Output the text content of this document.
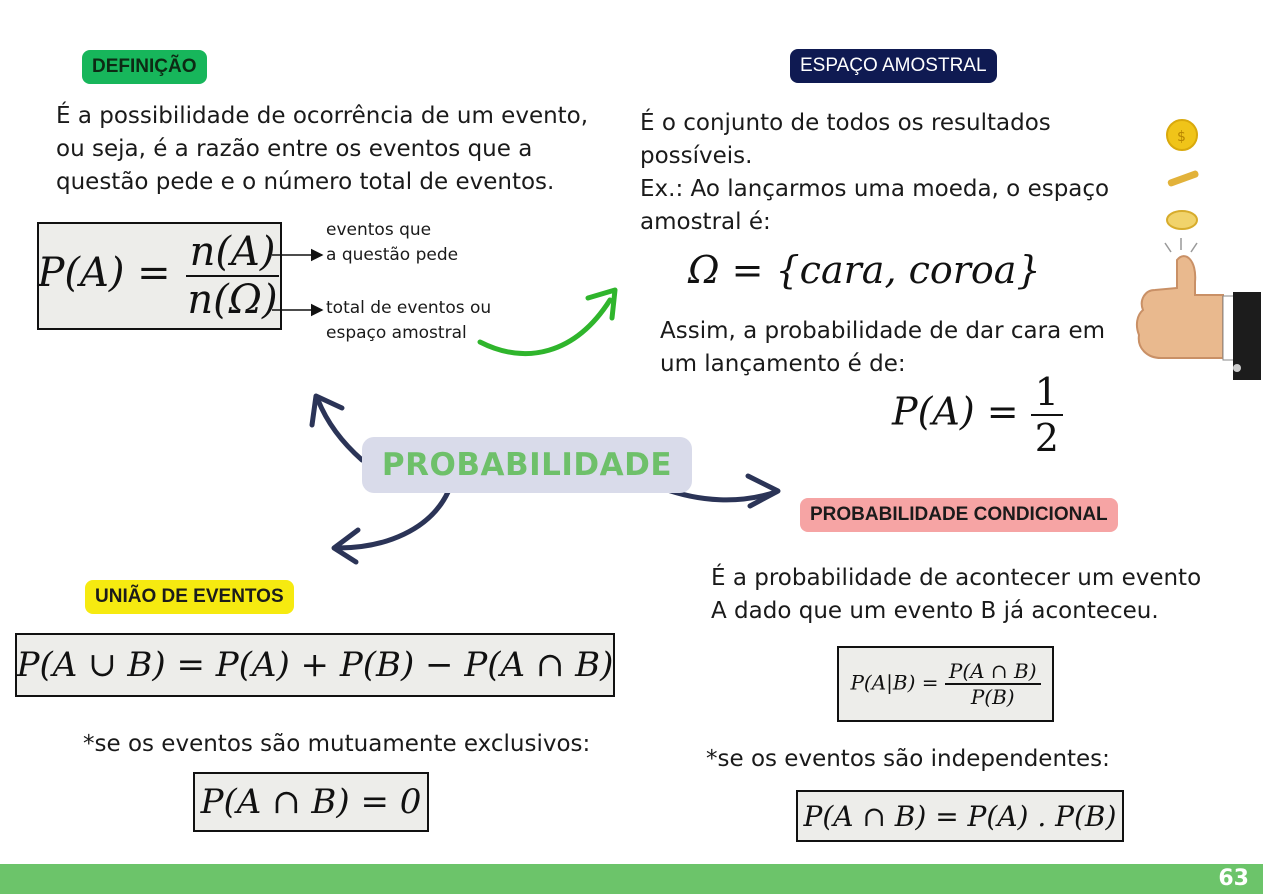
DEFINIÇÃO
É a possibilidade de ocorrência de um evento,
ou seja, é a razão entre os eventos que a
questão pede e o número total de eventos.
$P(A) = \frac{n(A)}{n(\Omega)}$	eventos que
a questão pede
total de eventos ou
espaço amostral
ESPAÇO AMOSTRAL
É o conjunto de todos os resultados
possíveis.
Ex.: Ao lançarmos uma moeda, o espaço
amostral é:
Ω = {cara, coroa}
Assim, a probabilidade de dar cara em
um lançamento é de:
$P(A) = \frac{1}{2}$
$
PROBABILIDADE
UNIÃO DE EVENTOS
P(A ∪ B) = P(A) + P(B) − P(A ∩ B)
*se os eventos são mutuamente exclusivos:
P(A ∩ B) = 0
PROBABILIDADE CONDICIONAL
É a probabilidade de acontecer um evento
A dado que um evento B já aconteceu.
$P(A|B) = \frac{P(A \cap B)}{P(B)}$
*se os eventos são independentes:
P(A ∩ B) = P(A) . P(B)
63
